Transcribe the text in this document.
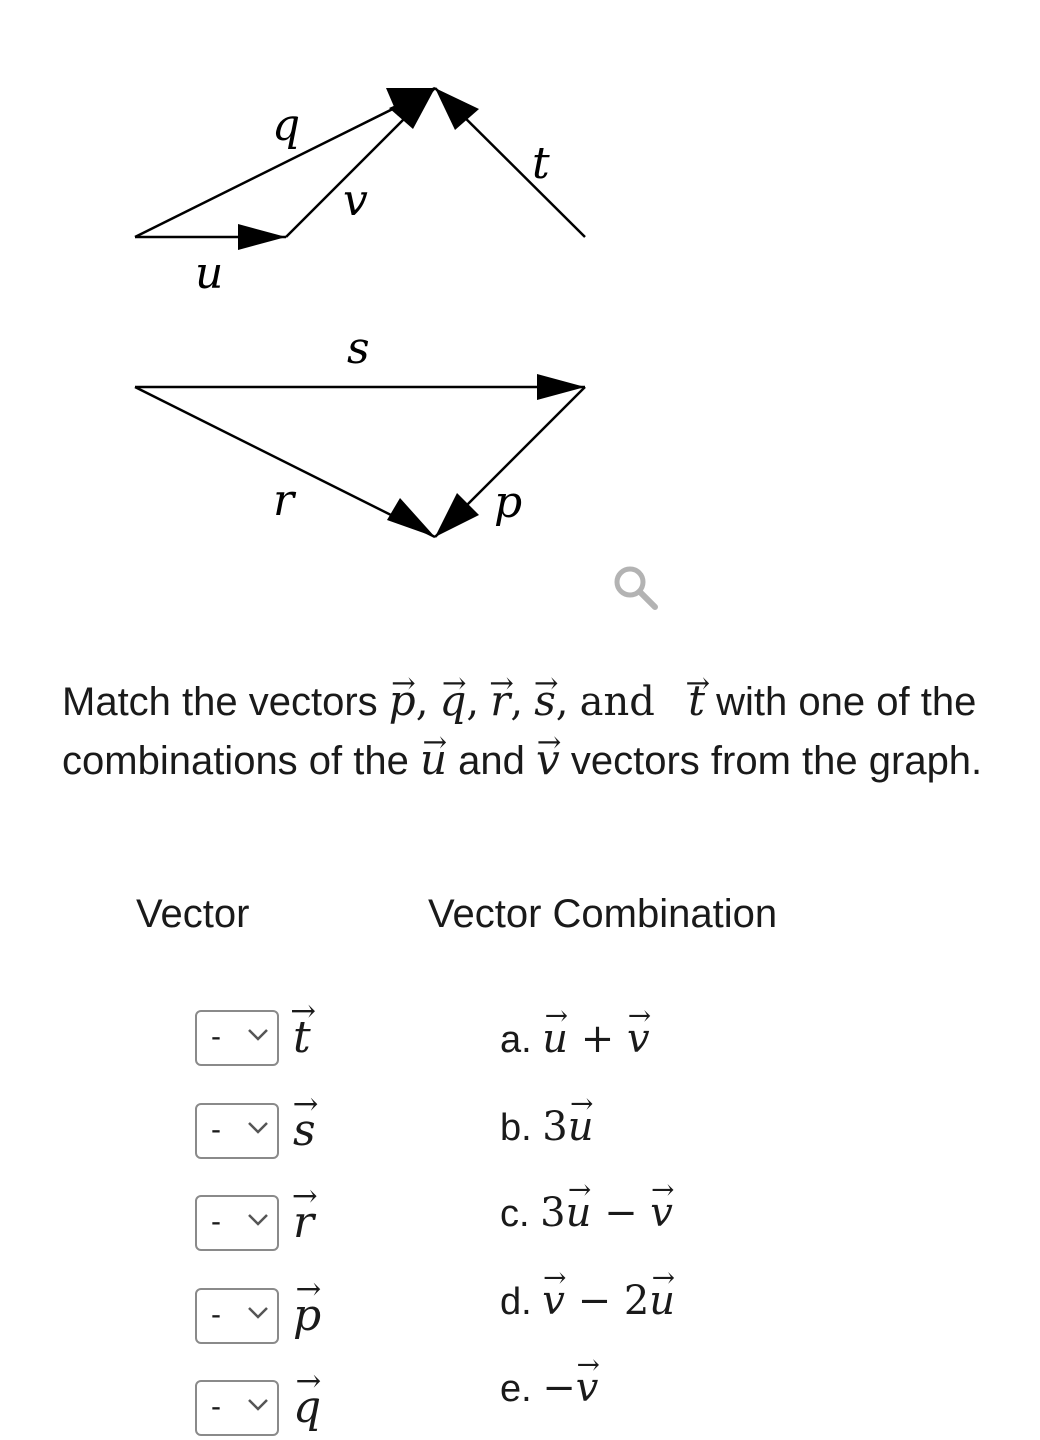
q
v
t
u
s
r	p
Match the vectors → p, → q, → r, → s, and → t with one of the combinations of the → u and → v vectors from the graph.
Vector	Vector Combination
- → t
- → s
- → r
- → p
- → q
a. → u + → v
b. 3→ u
c. 3→ u − → v
d. → v − 2→ u
e. −→ v
